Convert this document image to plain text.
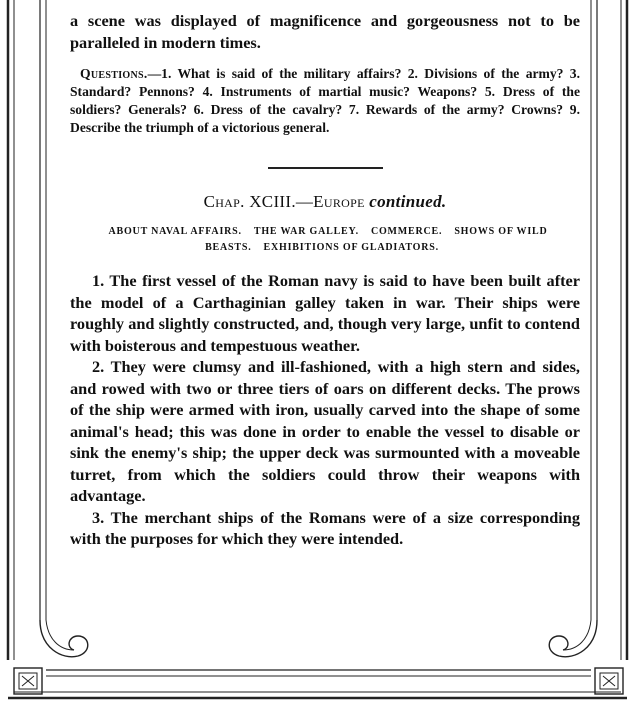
a scene was displayed of magnificence and gorgeousness not to be paralleled in modern times.

Questions.—1. What is said of the military affairs? 2. Divisions of the army? 3. Standard? Pennons? 4. Instruments of martial music? Weapons? 5. Dress of the soldiers? Generals? 6. Dress of the cavalry? 7. Rewards of the army? Crowns? 9. Describe the triumph of a victorious general.

Chap. XCIII.—Europe continued.

ABOUT NAVAL AFFAIRS. THE WAR GALLEY. COMMERCE. SHOWS OF WILD BEASTS. EXHIBITIONS OF GLADIATORS.

1. The first vessel of the Roman navy is said to have been built after the model of a Carthaginian galley taken in war. Their ships were roughly and slightly constructed, and, though very large, unfit to contend with boisterous and tempestuous weather.

2. They were clumsy and ill-fashioned, with a high stern and sides, and rowed with two or three tiers of oars on different decks. The prows of the ship were armed with iron, usually carved into the shape of some animal's head; this was done in order to enable the vessel to disable or sink the enemy's ship; the upper deck was surmounted with a moveable turret, from which the soldiers could throw their weapons with advantage.

3. The merchant ships of the Romans were of a size corresponding with the purposes for which they were intended.
